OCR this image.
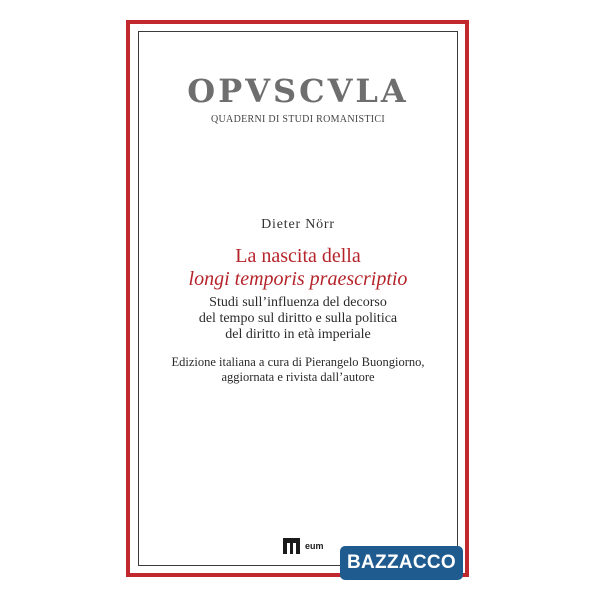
OPVSCVLA
QUADERNI DI STUDI ROMANISTICI
Dieter Nörr
La nascita della
longi temporis praescriptio
Studi sull’influenza del decorso
del tempo sul diritto e sulla politica
del diritto in età imperiale
Edizione italiana a cura di Pierangelo Buongiorno,
aggiornata e rivista dall’autore
eum
BAZZACCO
